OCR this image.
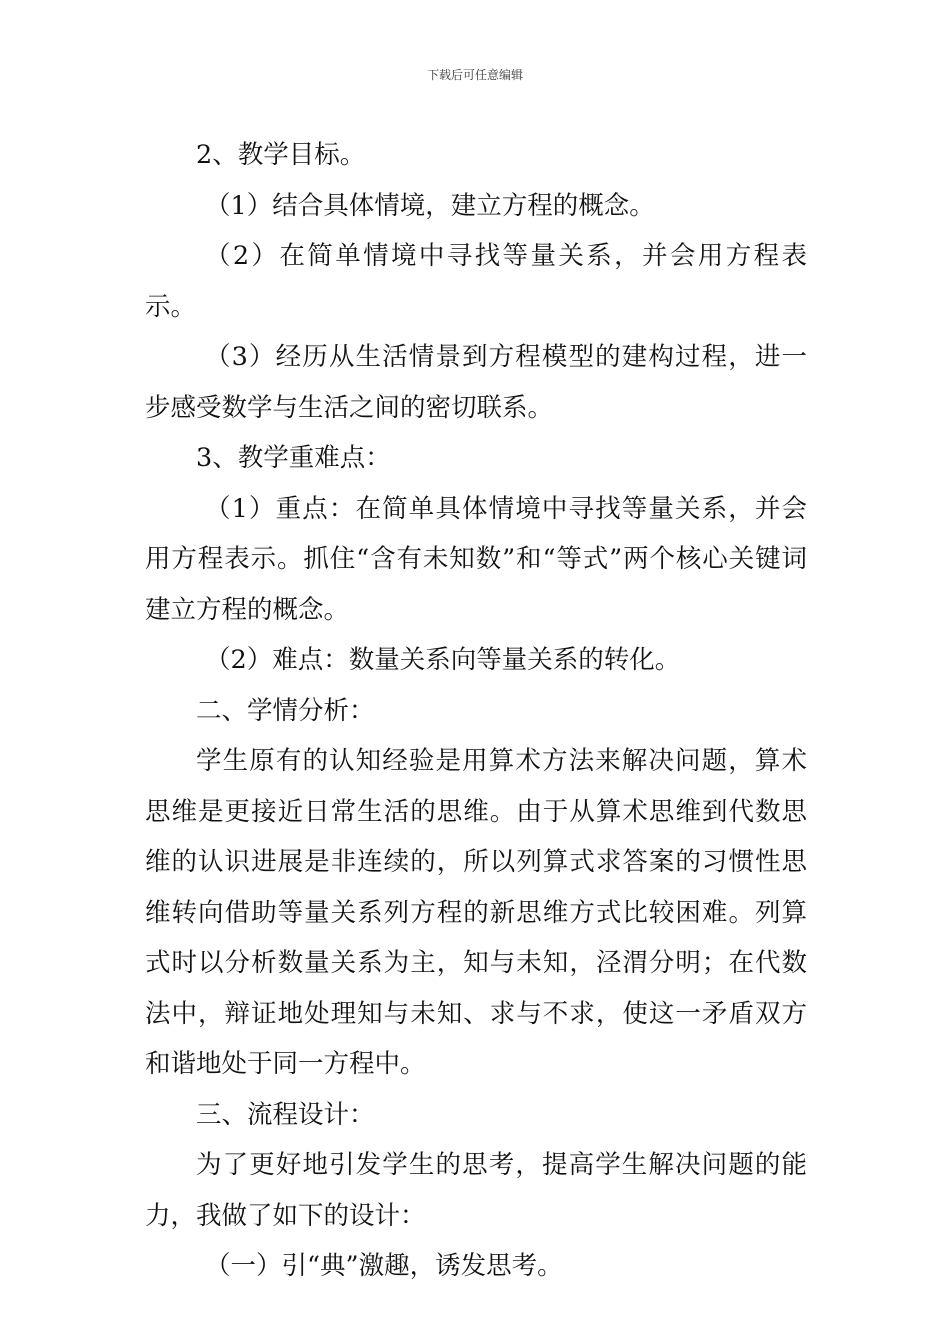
下载后可任意编辑

2、教学目标。

（1）结合具体情境，建立方程的概念。

（2）在简单情境中寻找等量关系，并会用方程表示。

（3）经历从生活情景到方程模型的建构过程，进一步感受数学与生活之间的密切联系。

3、教学重难点：

（1）重点：在简单具体情境中寻找等量关系，并会用方程表示。抓住“含有未知数”和“等式”两个核心关键词建立方程的概念。

（2）难点：数量关系向等量关系的转化。

二、学情分析：

学生原有的认知经验是用算术方法来解决问题，算术思维是更接近日常生活的思维。由于从算术思维到代数思维的认识进展是非连续的，所以列算式求答案的习惯性思维转向借助等量关系列方程的新思维方式比较困难。列算式时以分析数量关系为主，知与未知，泾渭分明；在代数法中，辩证地处理知与未知、求与不求，使这一矛盾双方和谐地处于同一方程中。

三、流程设计：

为了更好地引发学生的思考，提高学生解决问题的能力，我做了如下的设计：

（一）引“典”激趣，诱发思考。
